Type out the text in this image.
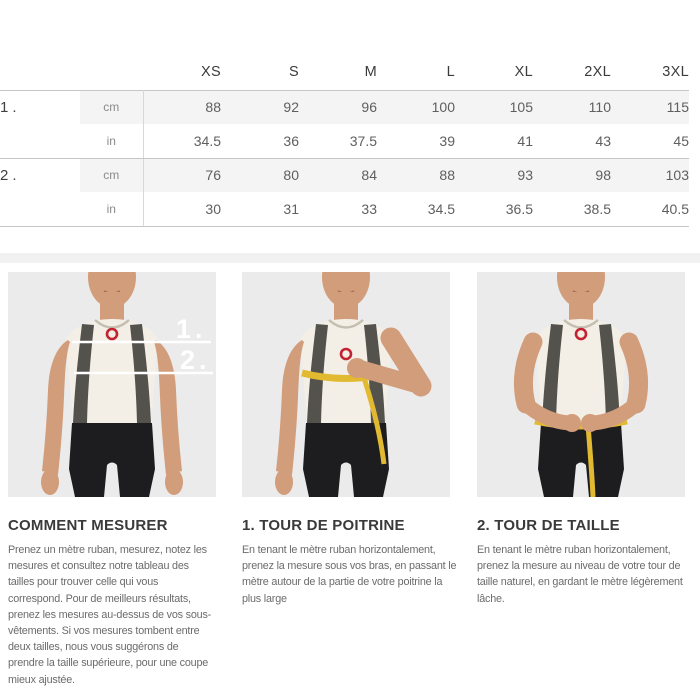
		XS	S	M	L	XL	2XL	3XL
1.	cm	88	92	96	100	105	110	115
	in	34.5	36	37.5	39	41	43	45
2.	cm	76	80	84	88	93	98	103
	in	30	31	33	34.5	36.5	38.5	40.5
1.
2.
COMMENT MESURER

Prenez un mètre ruban, mesurez, notez les mesures et consultez notre tableau des tailles pour trouver celle qui vous correspond. Pour de meilleurs résultats, prenez les mesures au-dessus de vos sous-vêtements. Si vos mesures tombent entre deux tailles, nous vous suggérons de prendre la taille supérieure, pour une coupe mieux ajustée.

1. TOUR DE POITRINE

En tenant le mètre ruban horizontalement, prenez la mesure sous vos bras, en passant le mètre autour de la partie de votre poitrine la plus large

2. TOUR DE TAILLE

En tenant le mètre ruban horizontalement, prenez la mesure au niveau de votre tour de taille naturel, en gardant le mètre légèrement lâche.
